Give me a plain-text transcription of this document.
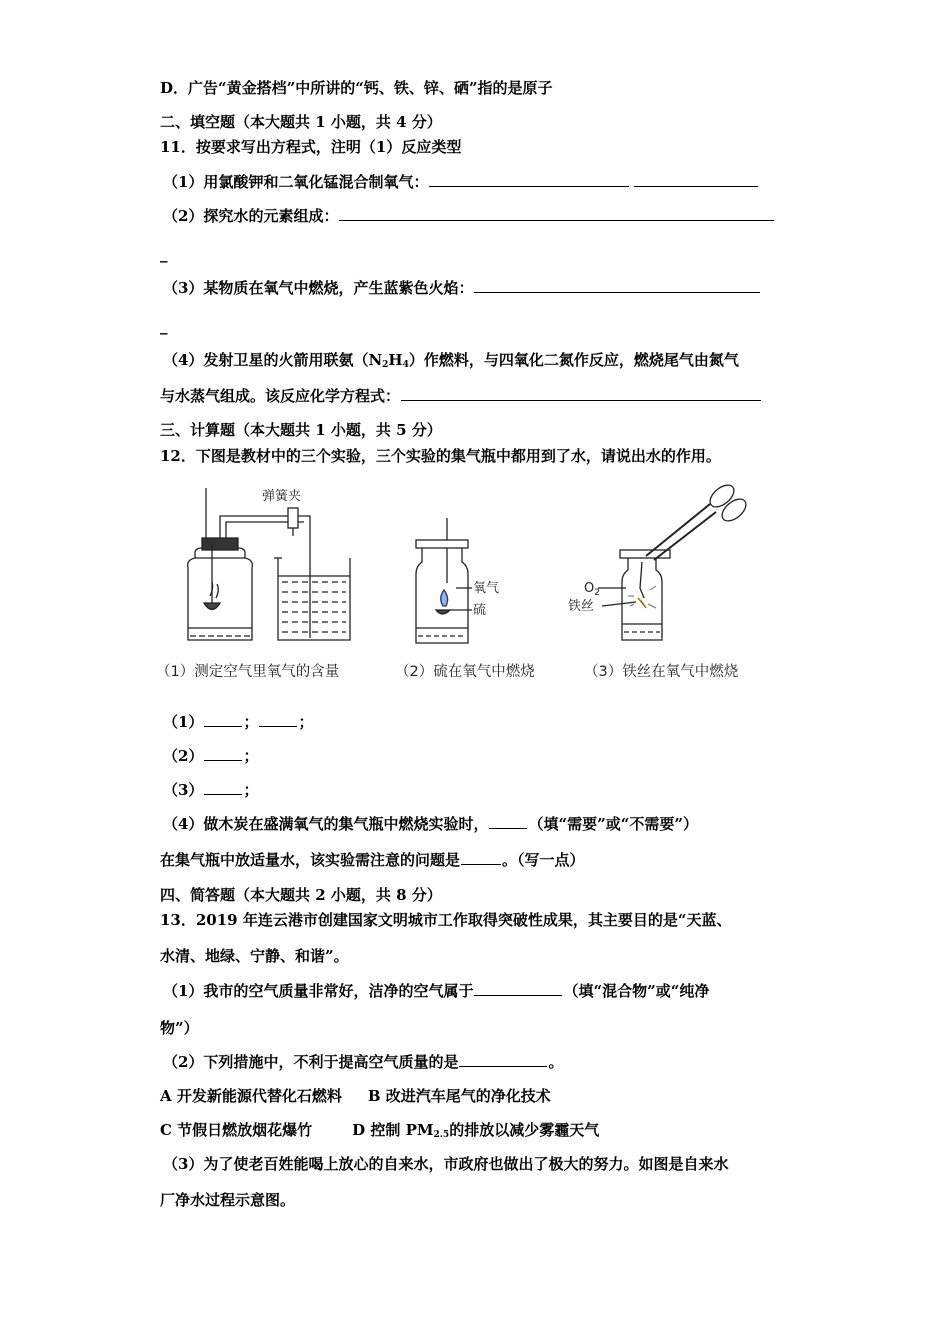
D．广告“黄金搭档”中所讲的“钙、铁、锌、硒”指的是原子
二、填空题（本大题共 1 小题，共 4 分）
11．按要求写出方程式，注明（1）反应类型
（1）用氯酸钾和二氧化锰混合制氧气：
（2）探究水的元素组成：
_
（3）某物质在氧气中燃烧，产生蓝紫色火焰：
_
（4）发射卫星的火箭用联氨$(N_2H_4)$作燃料，与四氧化二氮作反应，燃烧尾气由氮气
与水蒸气组成。该反应化学方程式：
三、计算题（本大题共 1 小题，共 5 分）
12．下图是教材中的三个实验，三个实验的集气瓶中都用到了水，请说出水的作用。
弹簧夹
氧气
硫
$O_2$
铁丝
（1）测定空气里氧气的含量	（2）硫在氧气中燃烧	（3）铁丝在氧气中燃烧
（1）	；	；
（2）	；
（3）	；
（4）做木炭在盛满氧气的集气瓶中燃烧实验时，	（填“需要”或“不需要”）
在集气瓶中放适量水，该实验需注意的问题是	。（写一点）
四、简答题（本大题共 2 小题，共 8 分）
13．2019 年连云港市创建国家文明城市工作取得突破性成果，其主要目的是“天蓝、
水清、地绿、宁静、和谐”。
（1）我市的空气质量非常好，洁净的空气属于	（填“混合物”或“纯净
物”）
（2）下列措施中，不利于提高空气质量的是	。
A 开发新能源代替化石燃料 B 改进汽车尾气的净化技术
C 节假日燃放烟花爆竹	D 控制 $PM_{2.5}$的排放以减少雾霾天气
（3）为了使老百姓能喝上放心的自来水，市政府也做出了极大的努力。如图是自来水
厂净水过程示意图。
